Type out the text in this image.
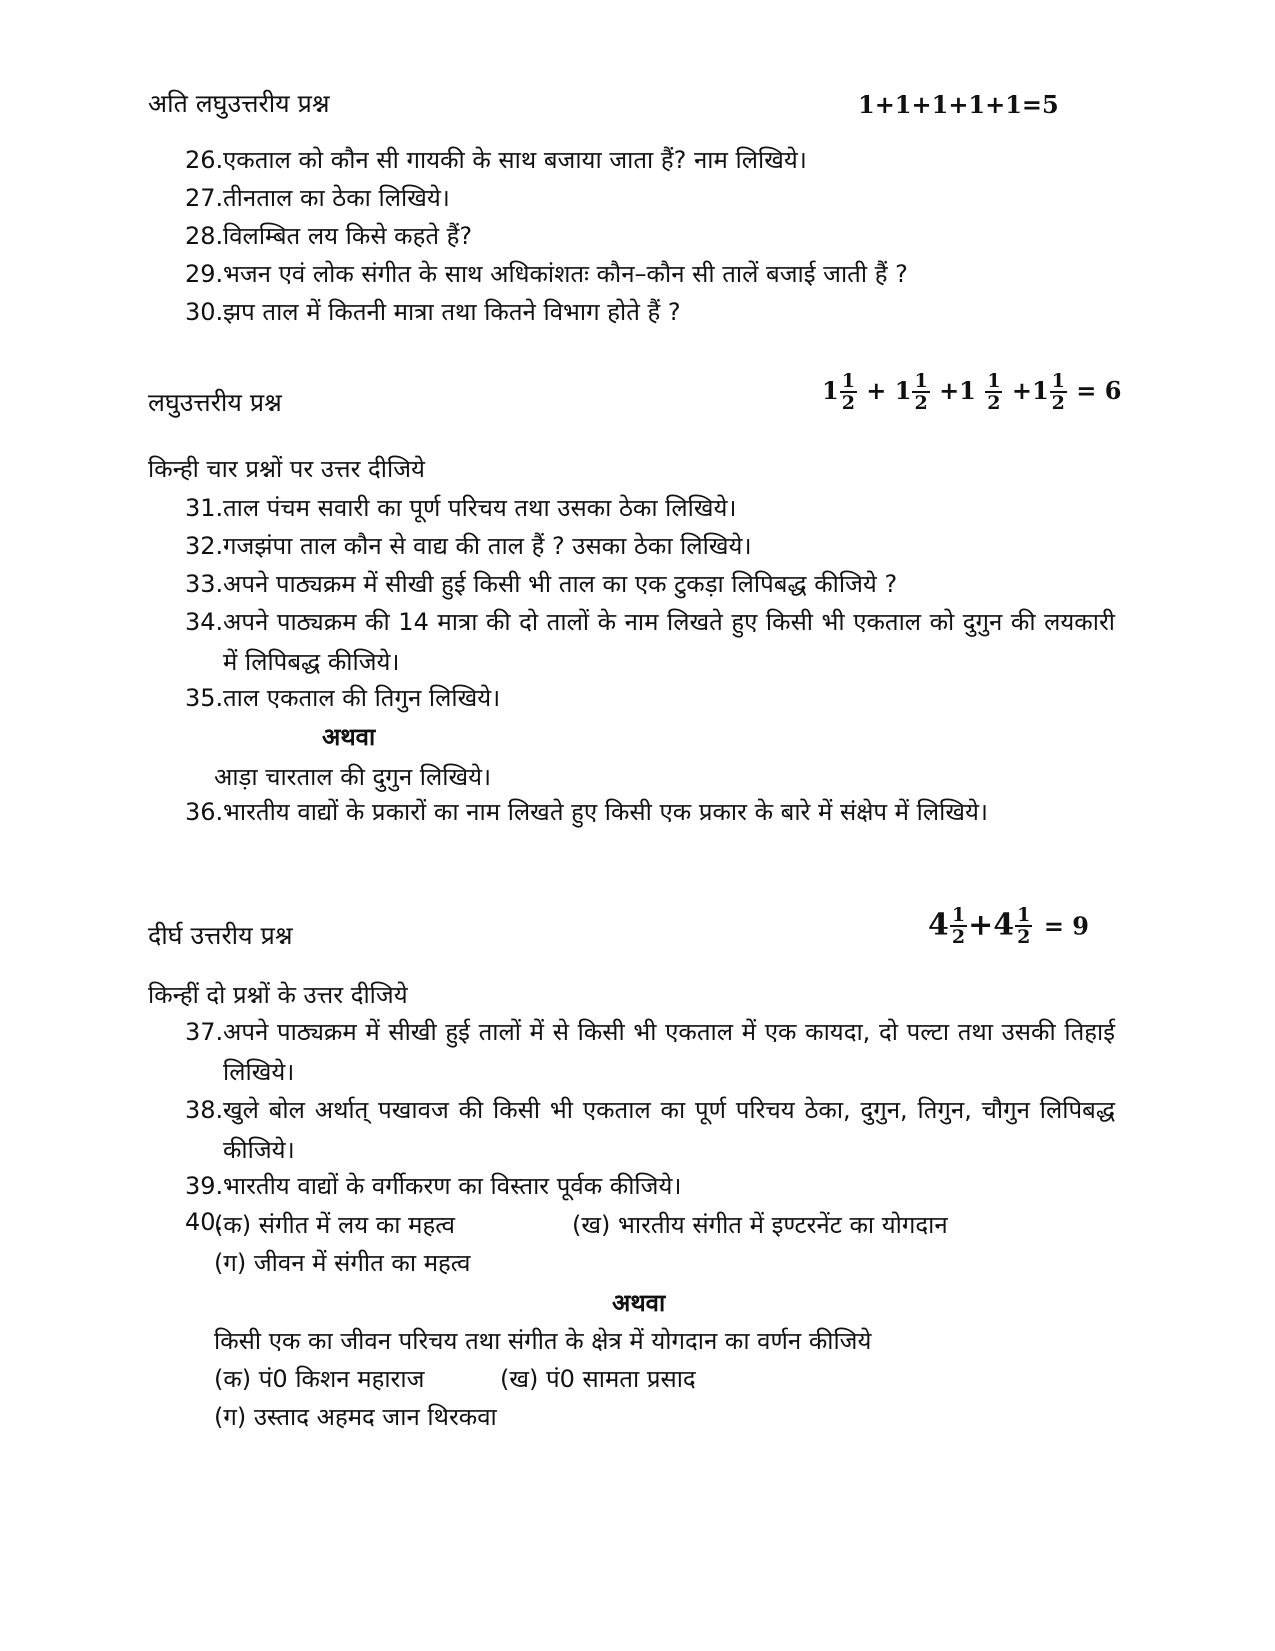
अति लघुउत्तरीय प्रश्न	1+1+1+1+1=5
26. एकताल को कौन सी गायकी के साथ बजाया जाता हैं? नाम लिखिये।
27. तीनताल का ठेका लिखिये।
28. विलम्बित लय किसे कहते हैं?
29. भजन एवं लोक संगीत के साथ अधिकांशतः कौन–कौन सी तालें बजाई जाती हैं ?
30. झप ताल में कितनी मात्रा तथा कितने विभाग होते हैं ?
लघुउत्तरीय प्रश्न	$1 \frac{1}{2} + 1 \frac{1}{2} +1 \frac{1}{2} +1 \frac{1}{2} = 6$
किन्ही चार प्रश्नों पर उत्तर दीजिये
31. ताल पंचम सवारी का पूर्ण परिचय तथा उसका ठेका लिखिये।
32. गजझंपा ताल कौन से वाद्य की ताल हैं ? उसका ठेका लिखिये।
33. अपने पाठ्यक्रम में सीखी हुई किसी भी ताल का एक टुकड़ा लिपिबद्ध कीजिये ?
34. अपने पाठ्यक्रम की 14 मात्रा की दो तालों के नाम लिखते हुए किसी भी एकताल को दुगुन की लयकारी में लिपिबद्ध कीजिये।
35. ताल एकताल की तिगुन लिखिये।
अथवा
आड़ा चारताल की दुगुन लिखिये।
36. भारतीय वाद्यों के प्रकारों का नाम लिखते हुए किसी एक प्रकार के बारे में संक्षेप में लिखिये।
दीर्घ उत्तरीय प्रश्न	$4 \frac{1}{2} +4 \frac{1}{2} = 9$
किन्हीं दो प्रश्नों के उत्तर दीजिये
37. अपने पाठ्यक्रम में सीखी हुई तालों में से किसी भी एकताल में एक कायदा, दो पल्टा तथा उसकी तिहाई लिखिये।
38. खुले बोल अर्थात् पखावज की किसी भी एकताल का पूर्ण परिचय ठेका, दुगुन, तिगुन, चौगुन लिपिबद्ध कीजिये।
39. भारतीय वाद्यों के वर्गीकरण का विस्तार पूर्वक कीजिये।
40.
(क) संगीत में लय का महत्व	(ख) भारतीय संगीत में इण्टरनेंट का योगदान
(ग) जीवन में संगीत का महत्व
अथवा
किसी एक का जीवन परिचय तथा संगीत के क्षेत्र में योगदान का वर्णन कीजिये
(क) पं0 किशन महाराज	(ख) पं0 सामता प्रसाद
(ग) उस्ताद अहमद जान थिरकवा
